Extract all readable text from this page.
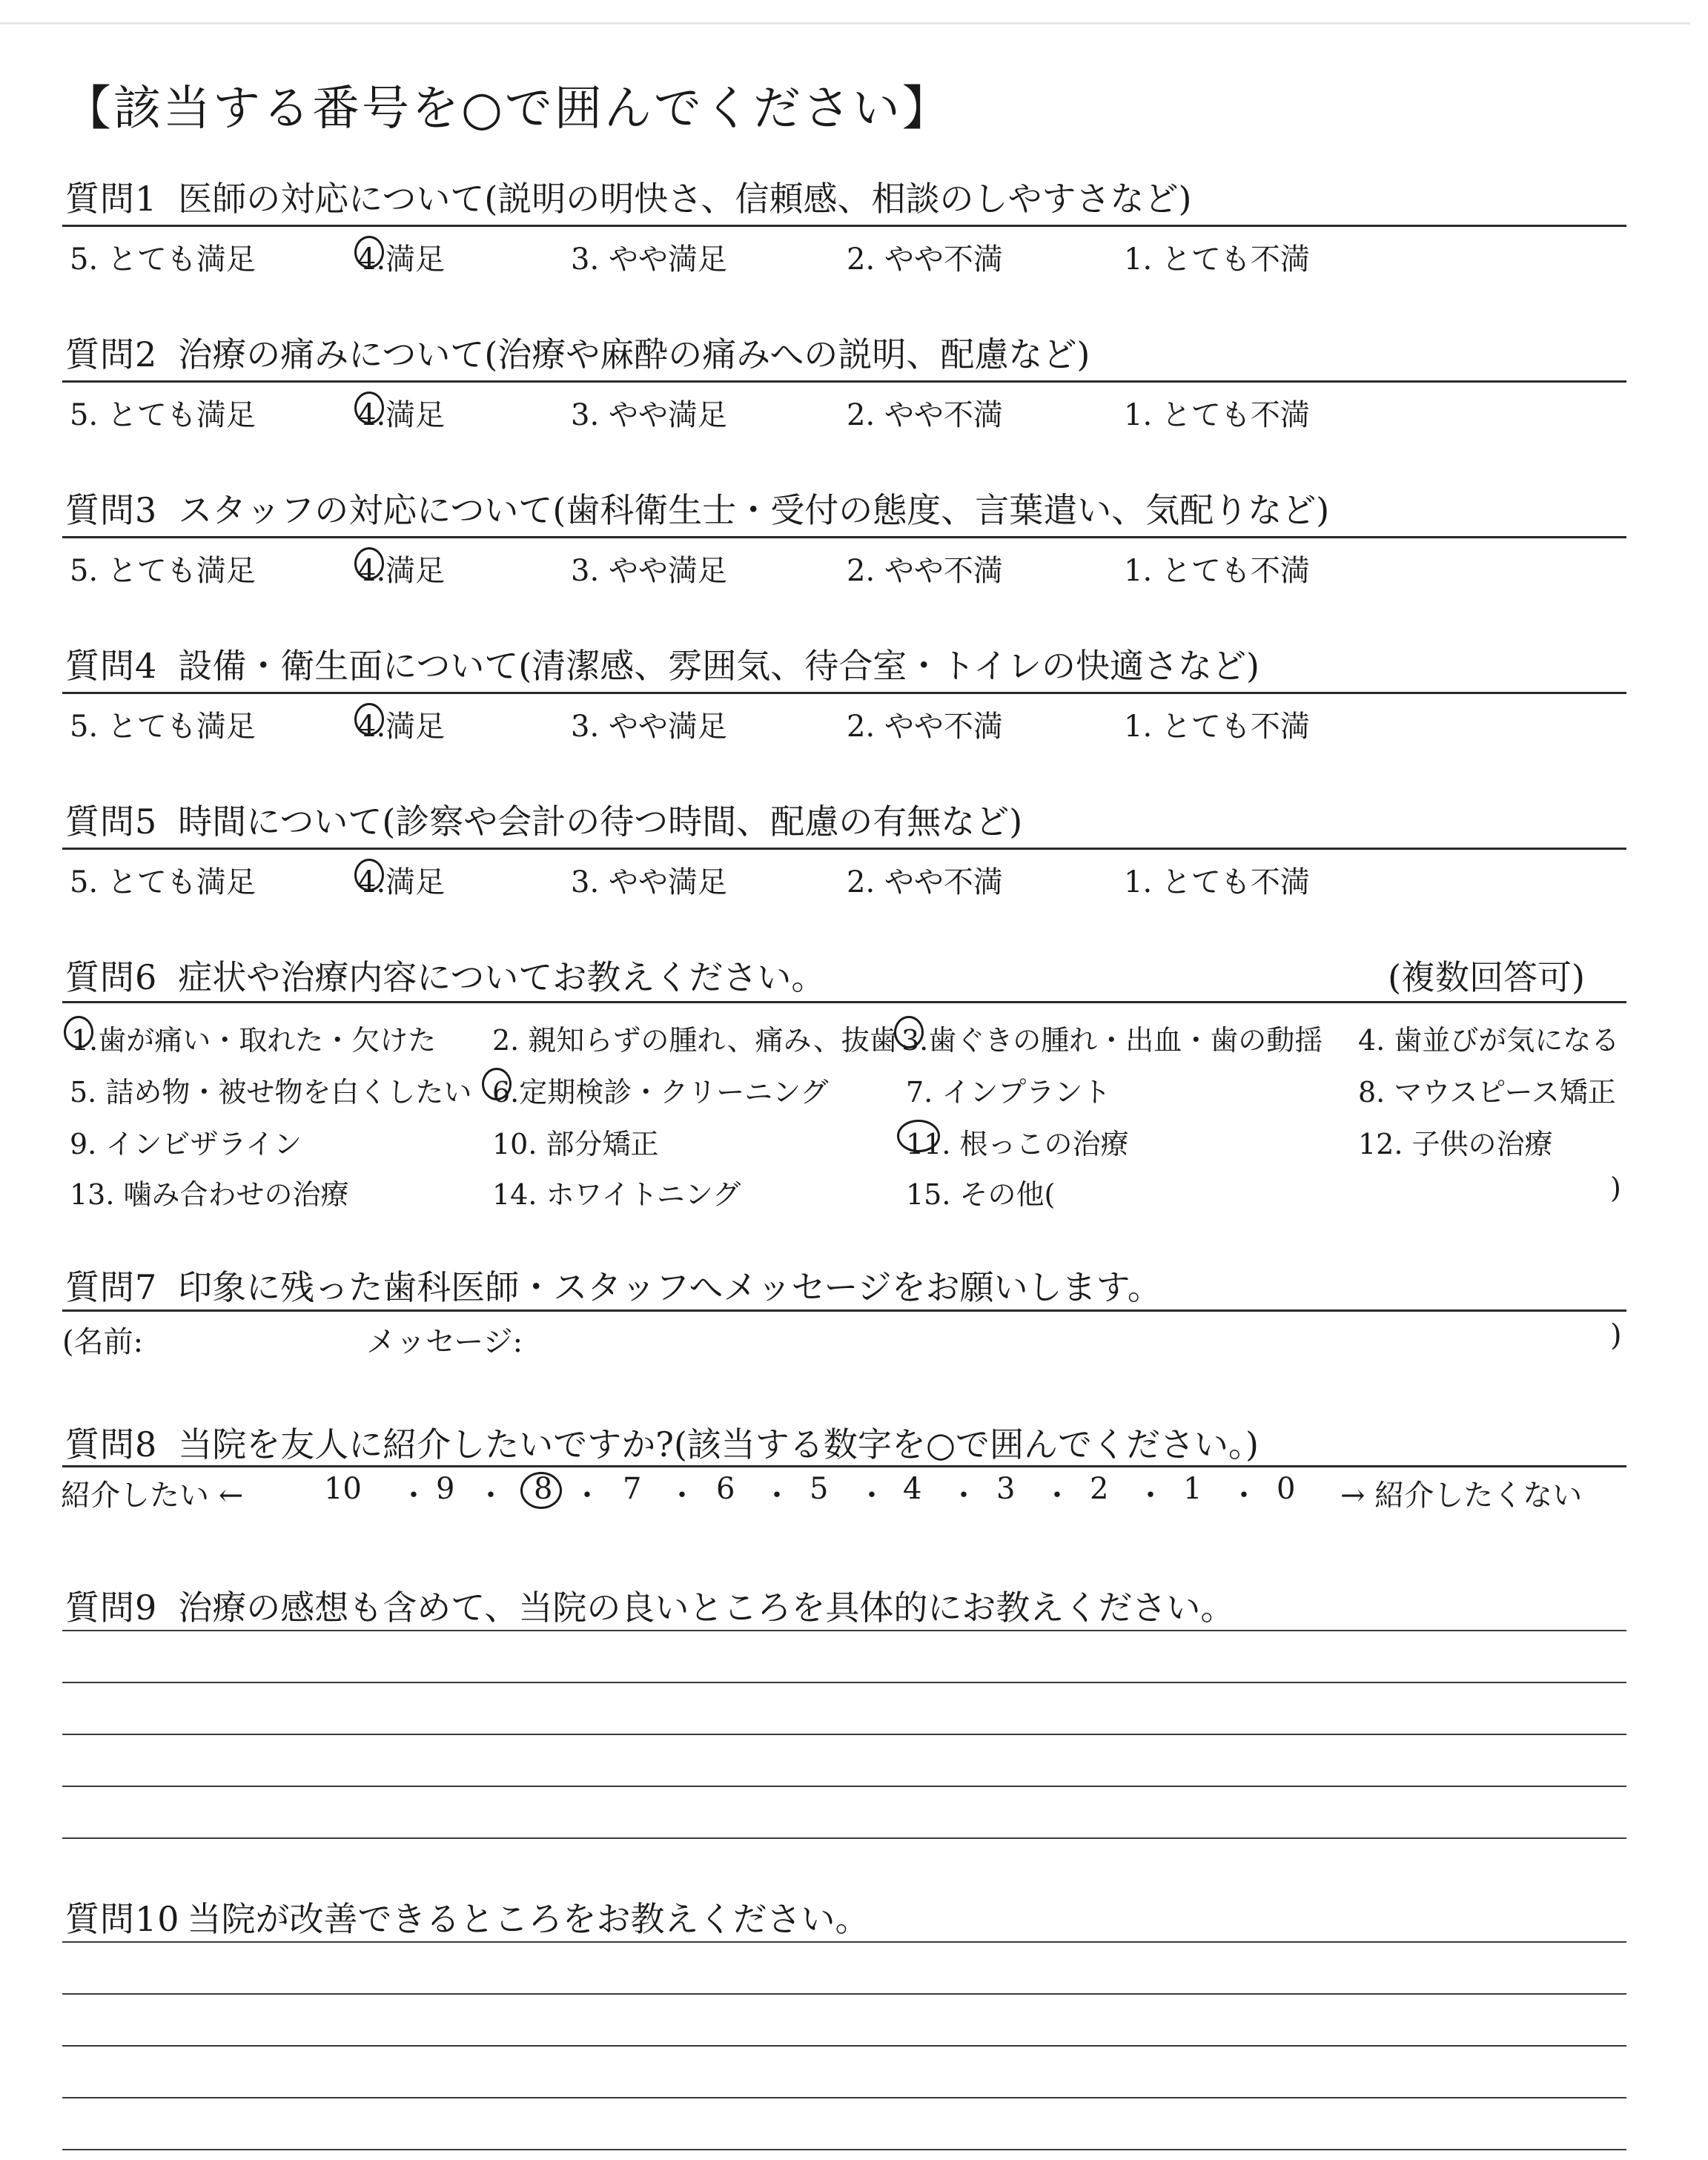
【該当する番号を○で囲んでください】
質問1 医師の対応について(説明の明快さ、信頼感、相談のしやすさなど)
5. とても満足	4.満足	3. やや満足	2. やや不満	1. とても不満
質問2 治療の痛みについて(治療や麻酔の痛みへの説明、配慮など)
5. とても満足	4.満足	3. やや満足	2. やや不満	1. とても不満
質問3 スタッフの対応について(歯科衛生士・受付の態度、言葉遣い、気配りなど)
5. とても満足	4.満足	3. やや満足	2. やや不満	1. とても不満
質問4 設備・衛生面について(清潔感、雰囲気、待合室・トイレの快適さなど)
5. とても満足	4.満足	3. やや満足	2. やや不満	1. とても不満
質問5 時間について(診察や会計の待つ時間、配慮の有無など)
5. とても満足	4.満足	3. やや満足	2. やや不満	1. とても不満
質問6 症状や治療内容についてお教えください。	(複数回答可)
1.歯が痛い・取れた・欠けた 2. 親知らずの腫れ、痛み、抜歯 3.歯ぐきの腫れ・出血・歯の動揺 4. 歯並びが気になる
5. 詰め物・被せ物を白くしたい 6.定期検診・クリーニング	7. インプラント	8. マウスピース矯正
9. インビザライン	10. 部分矯正	11. 根っこの治療	12. 子供の治療
13. 噛み合わせの治療	14. ホワイトニング	15. その他(	)
質問7 印象に残った歯科医師・スタッフへメッセージをお願いします。
(名前:	メッセージ:	)
質問8 当院を友人に紹介したいですか?(該当する数字を○で囲んでください。)
紹介したい ←	10 ・ 9 ・ 8 ・ 7 ・ 6 ・ 5 ・ 4 ・ 3 ・ 2 ・ 1 ・ 0 → 紹介したくない
質問9 治療の感想も含めて、当院の良いところを具体的にお教えください。
質問10 当院が改善できるところをお教えください。
